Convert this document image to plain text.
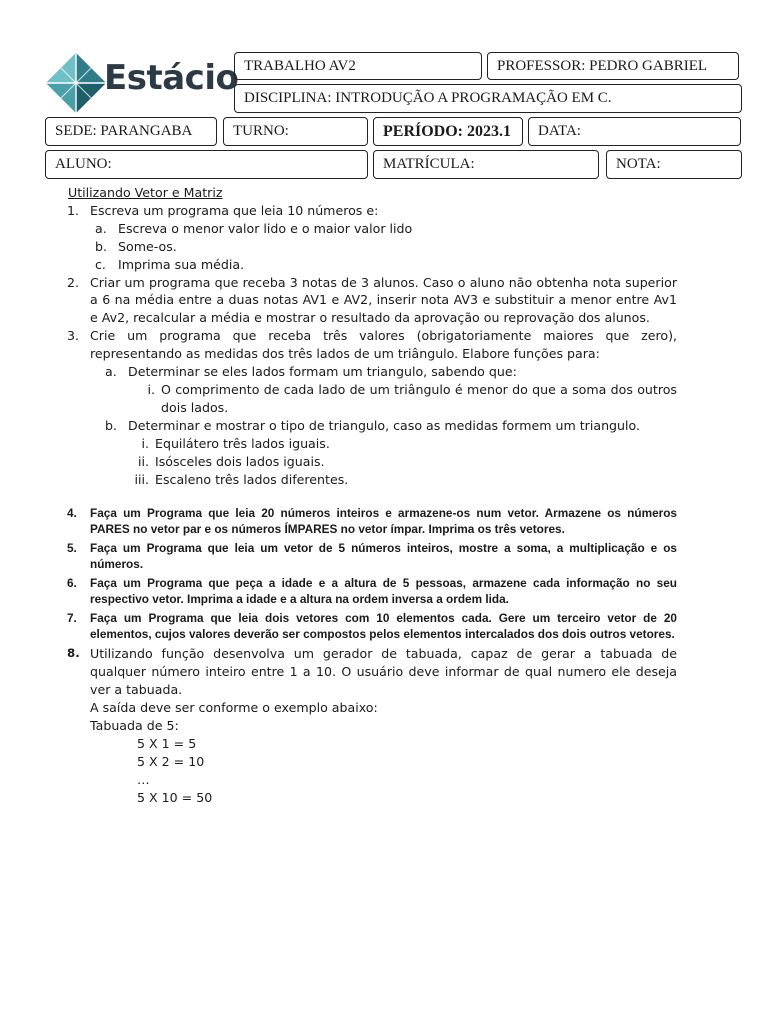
Estácio TRABALHO AV2	PROFESSOR: PEDRO GABRIEL
DISCIPLINA: INTRODUÇÃO A PROGRAMAÇÃO EM C.
SEDE: PARANGABA	TURNO:	PERÍODO: 2023.1	DATA:
ALUNO:	MATRÍCULA:	NOTA:

Utilizando Vetor e Matriz

1. Escreva um programa que leia 10 números e:
a. Escreva o menor valor lido e o maior valor lido
b. Some-os.
c. Imprima sua média.
2. Criar um programa que receba 3 notas de 3 alunos. Caso o aluno não obtenha nota superior a 6 na média entre a duas notas AV1 e AV2, inserir nota AV3 e substituir a menor entre Av1 e Av2, recalcular a média e mostrar o resultado da aprovação ou reprovação dos alunos.
3. Crie um programa que receba três valores (obrigatoriamente maiores que zero), representando as medidas dos três lados de um triângulo. Elabore funções para:
a. Determinar se eles lados formam um triangulo, sabendo que:
i. O comprimento de cada lado de um triângulo é menor do que a soma dos outros dois lados.
b. Determinar e mostrar o tipo de triangulo, caso as medidas formem um triangulo.
i. Equilátero três lados iguais.
ii. Isósceles dois lados iguais.
iii. Escaleno três lados diferentes.
4.	Faça um Programa que leia 20 números inteiros e armazene-os num vetor. Armazene os números PARES no vetor par e os números ÍMPARES no vetor ímpar. Imprima os três vetores.
5.	Faça um Programa que leia um vetor de 5 números inteiros, mostre a soma, a multiplicação e os números.
6.	Faça um Programa que peça a idade e a altura de 5 pessoas, armazene cada informação no seu respectivo vetor. Imprima a idade e a altura na ordem inversa a ordem lida.
7.	Faça um Programa que leia dois vetores com 10 elementos cada. Gere um terceiro vetor de 20 elementos, cujos valores deverão ser compostos pelos elementos intercalados dos dois outros vetores.
8. Utilizando função desenvolva um gerador de tabuada, capaz de gerar a tabuada de qualquer número inteiro entre 1 a 10. O usuário deve informar de qual numero ele deseja ver a tabuada.

A saída deve ser conforme o exemplo abaixo:

Tabuada de 5:

5 X 1 = 5

5 X 2 = 10

…

5 X 10 = 50
